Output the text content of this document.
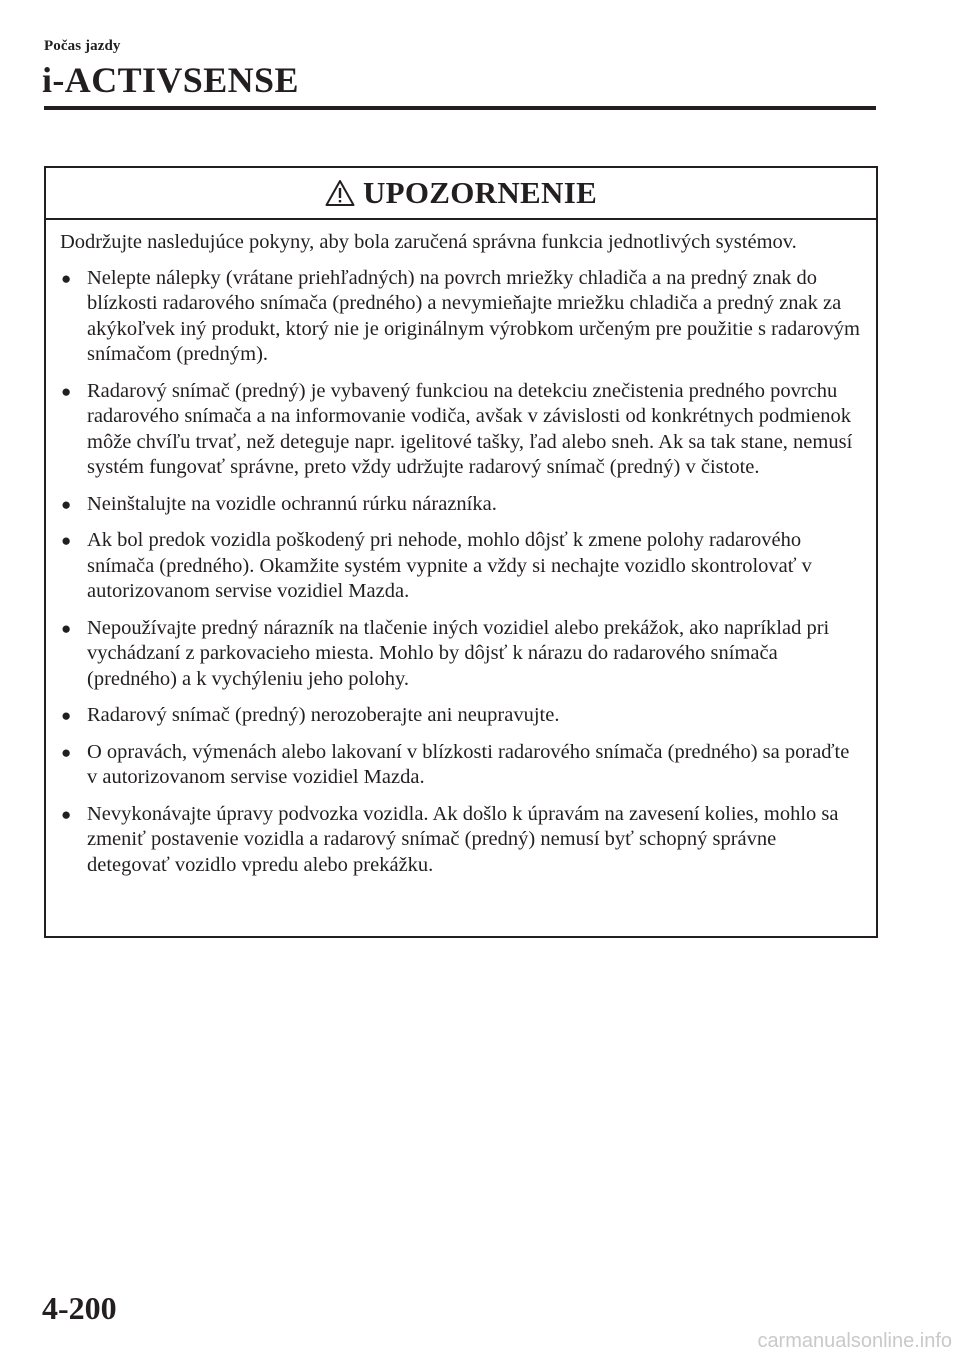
Počas jazdy

i-ACTIVSENSE
UPOZORNENIE

Dodržujte nasledujúce pokyny, aby bola zaručená správna funkcia jednotlivých systémov.

● Nelepte nálepky (vrátane priehľadných) na povrch mriežky chladiča a na predný znak do blízkosti radarového snímača (predného) a nevymieňajte mriežku chladiča a predný znak za akýkoľvek iný produkt, ktorý nie je originálnym výrobkom určeným pre použitie s radarovým snímačom (predným).
● Radarový snímač (predný) je vybavený funkciou na detekciu znečistenia predného povrchu radarového snímača a na informovanie vodiča, avšak v závislosti od konkrétnych podmienok môže chvíľu trvať, než deteguje napr. igelitové tašky, ľad alebo sneh. Ak sa tak stane, nemusí systém fungovať správne, preto vždy udržujte radarový snímač (predný) v čistote.
● Neinštalujte na vozidle ochrannú rúrku nárazníka.
● Ak bol predok vozidla poškodený pri nehode, mohlo dôjsť k zmene polohy radarového snímača (predného). Okamžite systém vypnite a vždy si nechajte vozidlo skontrolovať v autorizovanom servise vozidiel Mazda.
● Nepoužívajte predný nárazník na tlačenie iných vozidiel alebo prekážok, ako napríklad pri vychádzaní z parkovacieho miesta. Mohlo by dôjsť k nárazu do radarového snímača (predného) a k vychýleniu jeho polohy.
● Radarový snímač (predný) nerozoberajte ani neupravujte.
● O opravách, výmenách alebo lakovaní v blízkosti radarového snímača (predného) sa poraďte v autorizovanom servise vozidiel Mazda.
● Nevykonávajte úpravy podvozka vozidla. Ak došlo k úpravám na zavesení kolies, mohlo sa zmeniť postavenie vozidla a radarový snímač (predný) nemusí byť schopný správne detegovať vozidlo vpredu alebo prekážku.

4-200

carmanualsonline.info
